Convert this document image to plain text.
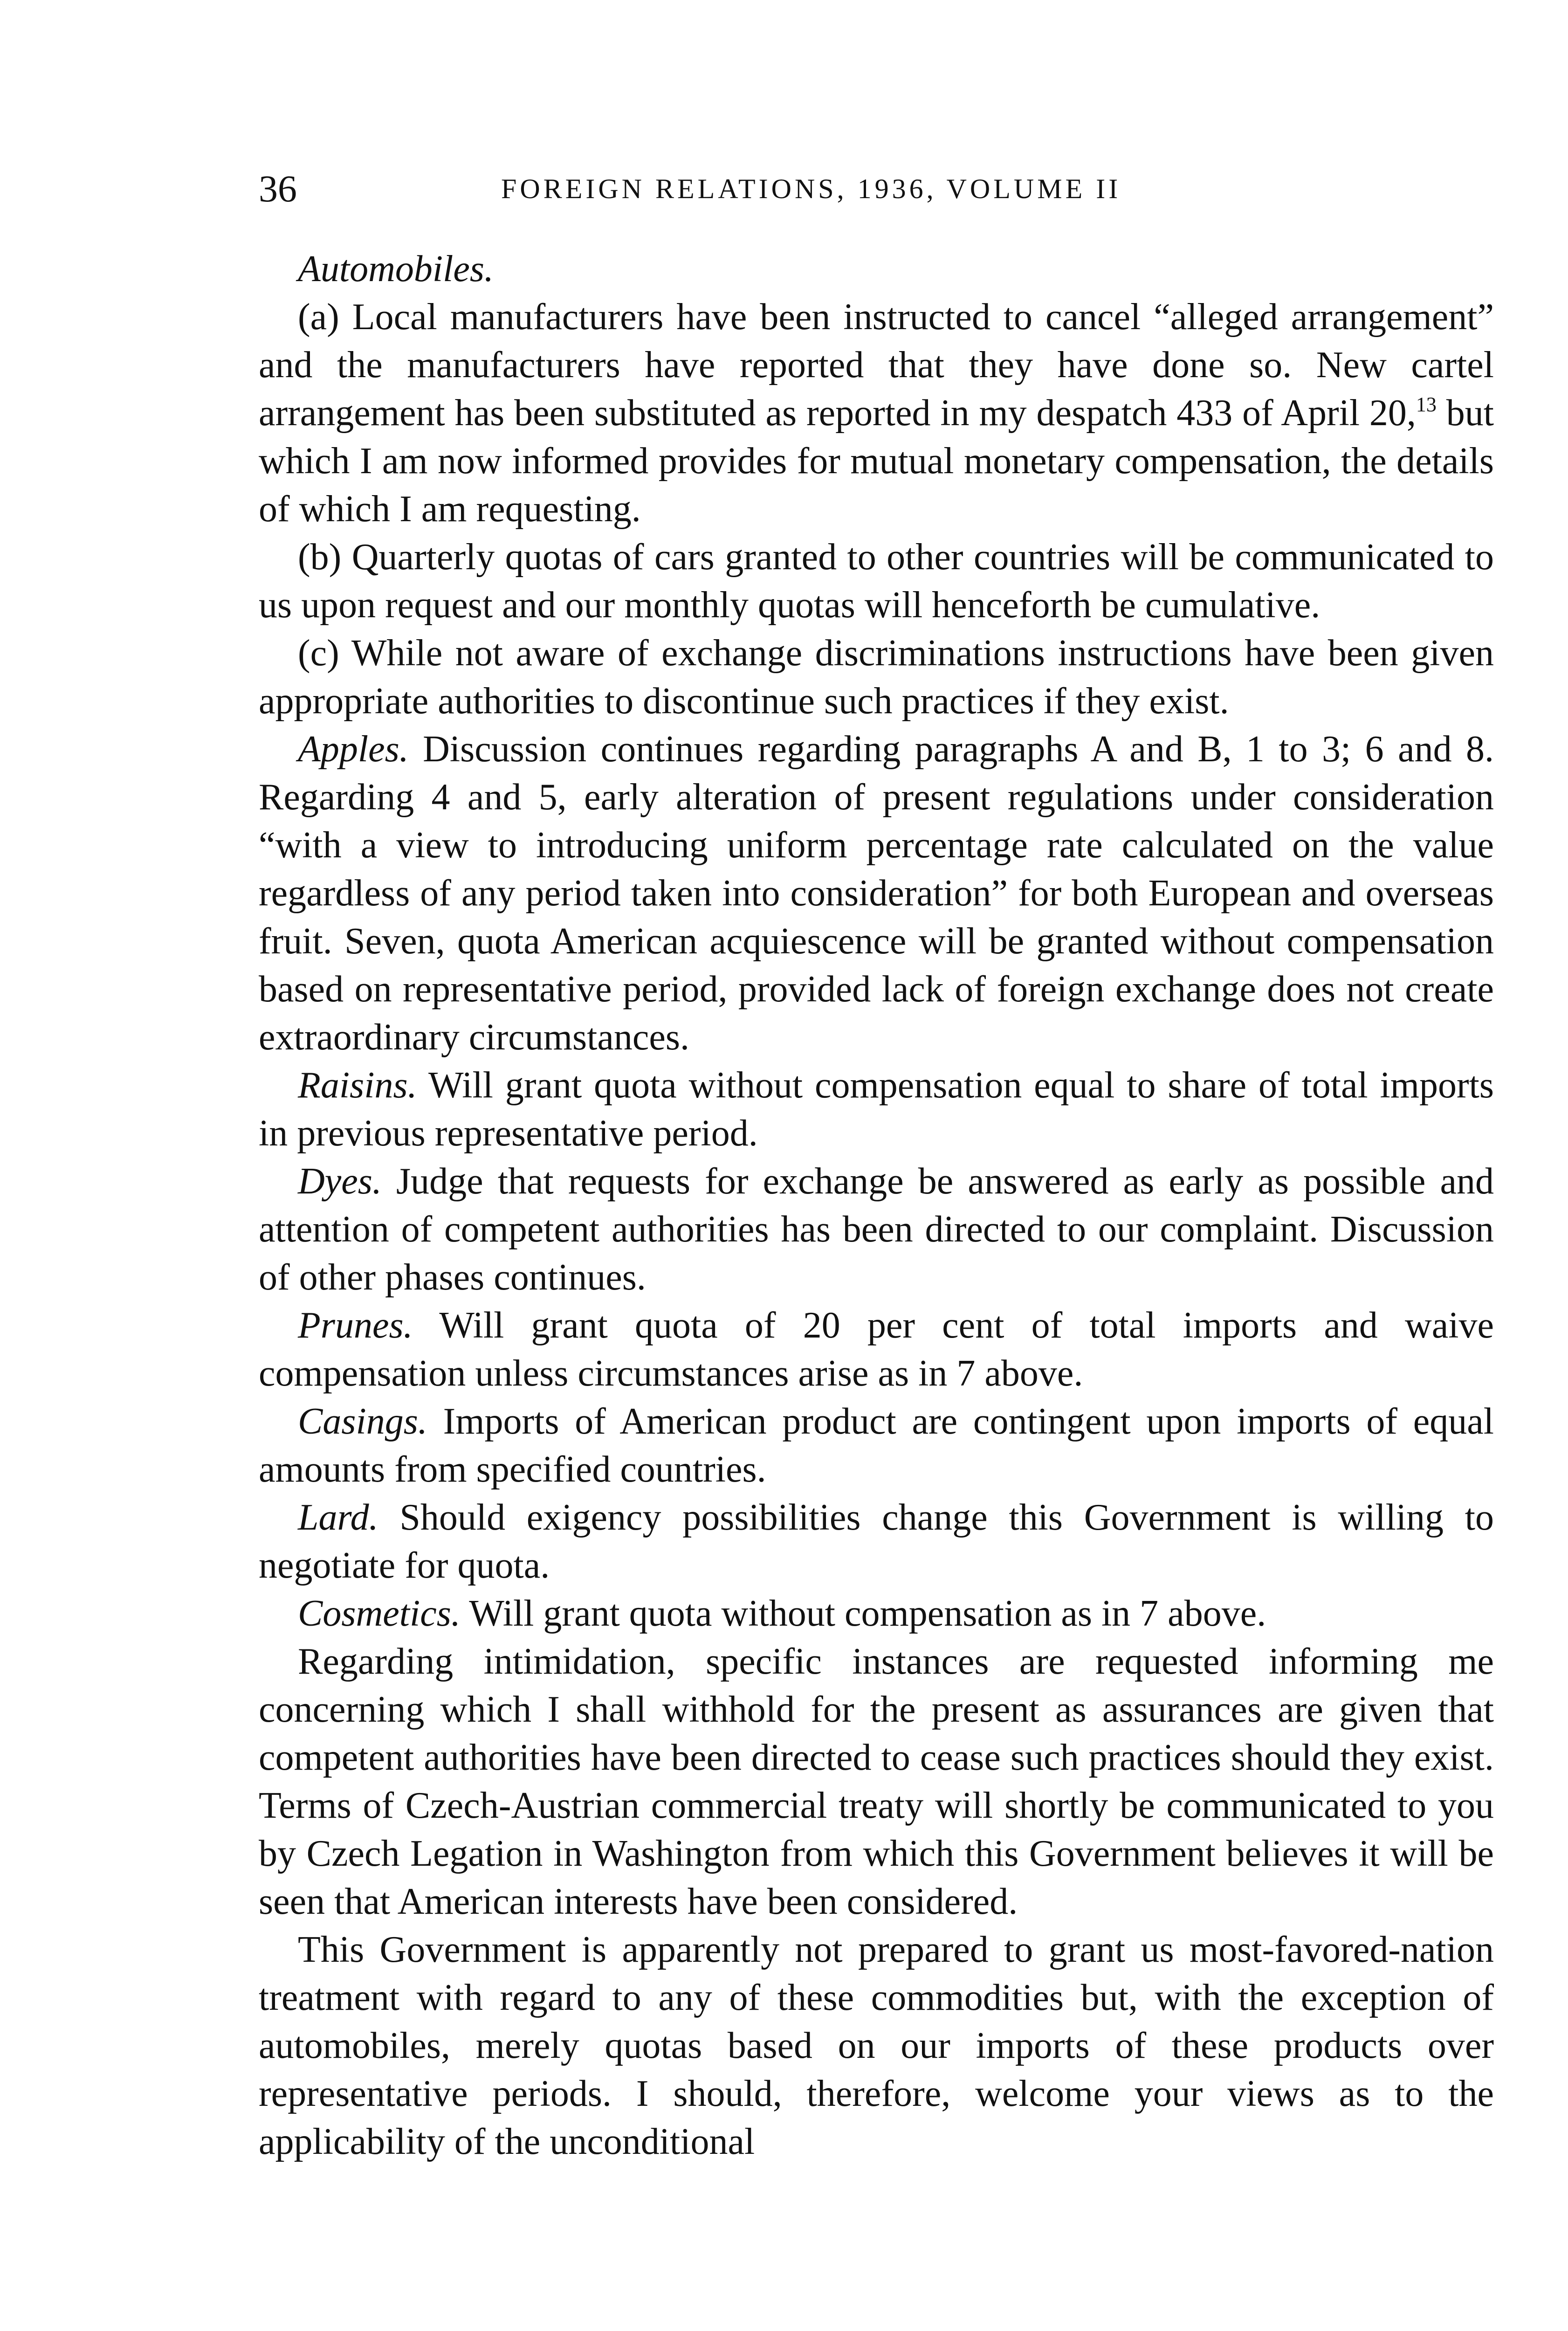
36	FOREIGN RELATIONS, 1936, VOLUME II

Automobiles.

(a) Local manufacturers have been instructed to cancel “alleged arrangement” and the manufacturers have reported that they have done so. New cartel arrangement has been substituted as reported in my despatch 433 of April 20,13 but which I am now informed provides for mutual monetary compensation, the details of which I am requesting.

(b) Quarterly quotas of cars granted to other countries will be communicated to us upon request and our monthly quotas will henceforth be cumulative.

(c) While not aware of exchange discriminations instructions have been given appropriate authorities to discontinue such practices if they exist.

Apples. Discussion continues regarding paragraphs A and B, 1 to 3; 6 and 8. Regarding 4 and 5, early alteration of present regulations under consideration “with a view to introducing uniform percentage rate calculated on the value regardless of any period taken into consideration” for both European and overseas fruit. Seven, quota American acquiescence will be granted without compensation based on representative period, provided lack of foreign exchange does not create extraordinary circumstances.

Raisins. Will grant quota without compensation equal to share of total imports in previous representative period.

Dyes. Judge that requests for exchange be answered as early as possible and attention of competent authorities has been directed to our complaint. Discussion of other phases continues.

Prunes. Will grant quota of 20 per cent of total imports and waive compensation unless circumstances arise as in 7 above.

Casings. Imports of American product are contingent upon imports of equal amounts from specified countries.

Lard. Should exigency possibilities change this Government is willing to negotiate for quota.

Cosmetics. Will grant quota without compensation as in 7 above.

Regarding intimidation, specific instances are requested informing me concerning which I shall withhold for the present as assurances are given that competent authorities have been directed to cease such practices should they exist. Terms of Czech-Austrian commercial treaty will shortly be communicated to you by Czech Legation in Washington from which this Government believes it will be seen that American interests have been considered.

This Government is apparently not prepared to grant us most-favored-nation treatment with regard to any of these commodities but, with the exception of automobiles, merely quotas based on our imports of these products over representative periods. I should, therefore, welcome your views as to the applicability of the unconditional
